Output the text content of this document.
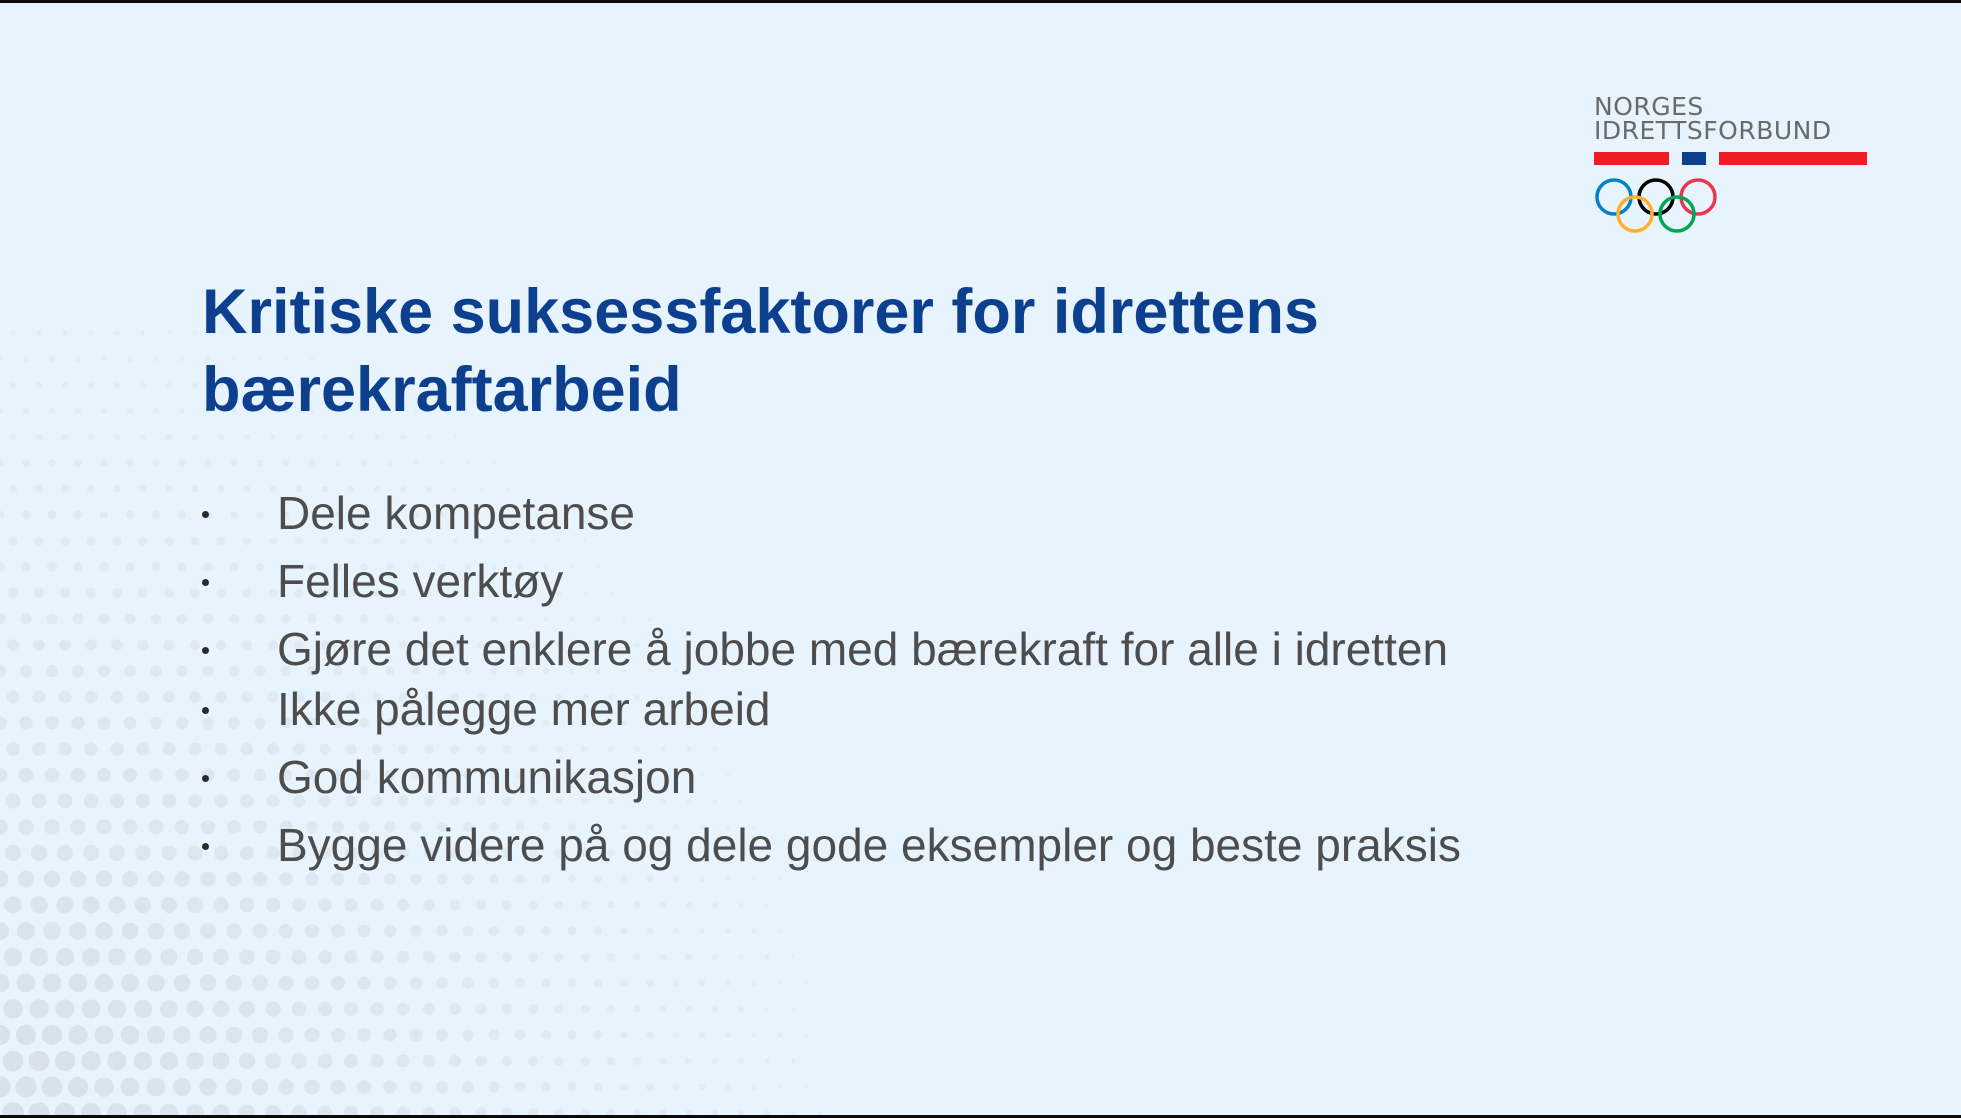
NORGES
IDRETTSFORBUND
Kritiske suksessfaktorer for idrettens
bærekraftarbeid
Dele kompetanse
Felles verktøy
Gjøre det enklere å jobbe med bærekraft for alle i idretten
Ikke pålegge mer arbeid
God kommunikasjon
Bygge videre på og dele gode eksempler og beste praksis
